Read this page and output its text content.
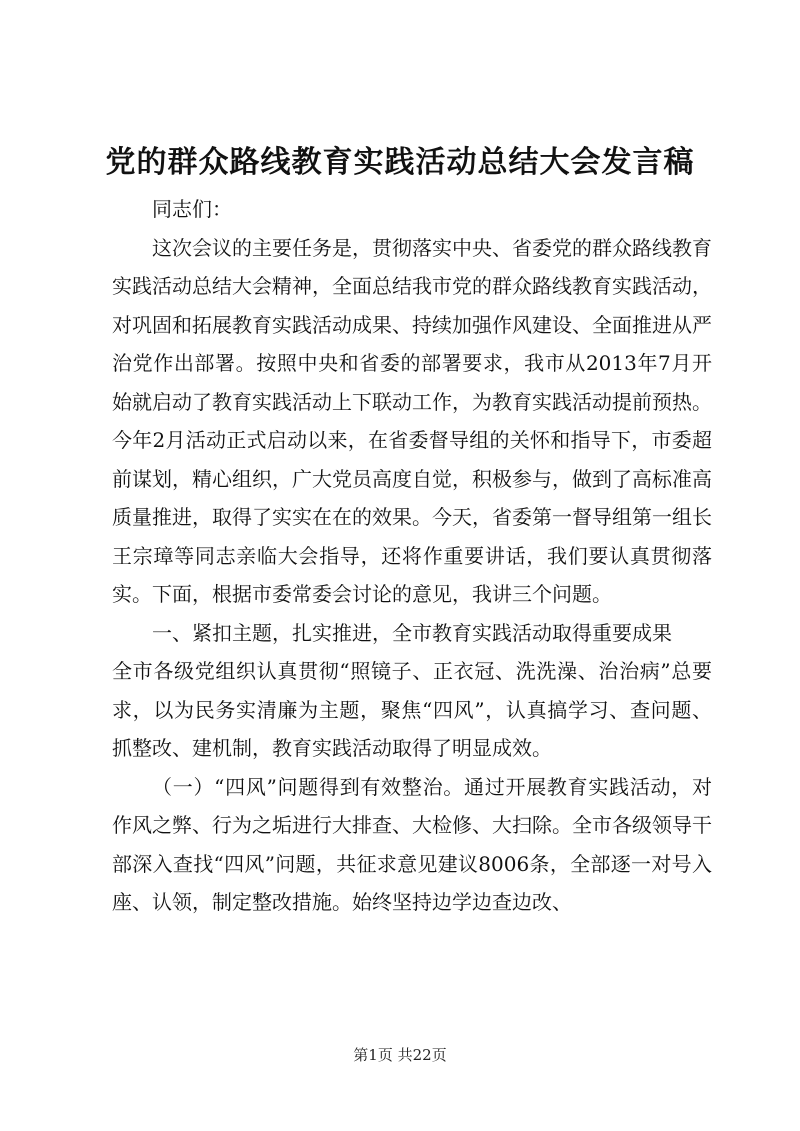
党的群众路线教育实践活动总结大会发言稿

同志们：

这次会议的主要任务是，贯彻落实中央、省委党的群众路线教育实践活动总结大会精神，全面总结我市党的群众路线教育实践活动，对巩固和拓展教育实践活动成果、持续加强作风建设、全面推进从严治党作出部署。按照中央和省委的部署要求，我市从2013年7月开始就启动了教育实践活动上下联动工作，为教育实践活动提前预热。今年2月活动正式启动以来，在省委督导组的关怀和指导下，市委超前谋划，精心组织，广大党员高度自觉，积极参与，做到了高标准高质量推进，取得了实实在在的效果。今天，省委第一督导组第一组长王宗璋等同志亲临大会指导，还将作重要讲话，我们要认真贯彻落实。下面，根据市委常委会讨论的意见，我讲三个问题。

一、紧扣主题，扎实推进，全市教育实践活动取得重要成果

全市各级党组织认真贯彻“照镜子、正衣冠、洗洗澡、治治病”总要求，以为民务实清廉为主题，聚焦“四风”，认真搞学习、查问题、抓整改、建机制，教育实践活动取得了明显成效。

（一）“四风”问题得到有效整治。通过开展教育实践活动，对作风之弊、行为之垢进行大排查、大检修、大扫除。全市各级领导干部深入查找“四风”问题，共征求意见建议8006条，全部逐一对号入座、认领，制定整改措施。始终坚持边学边查边改、

第1页 共22页
